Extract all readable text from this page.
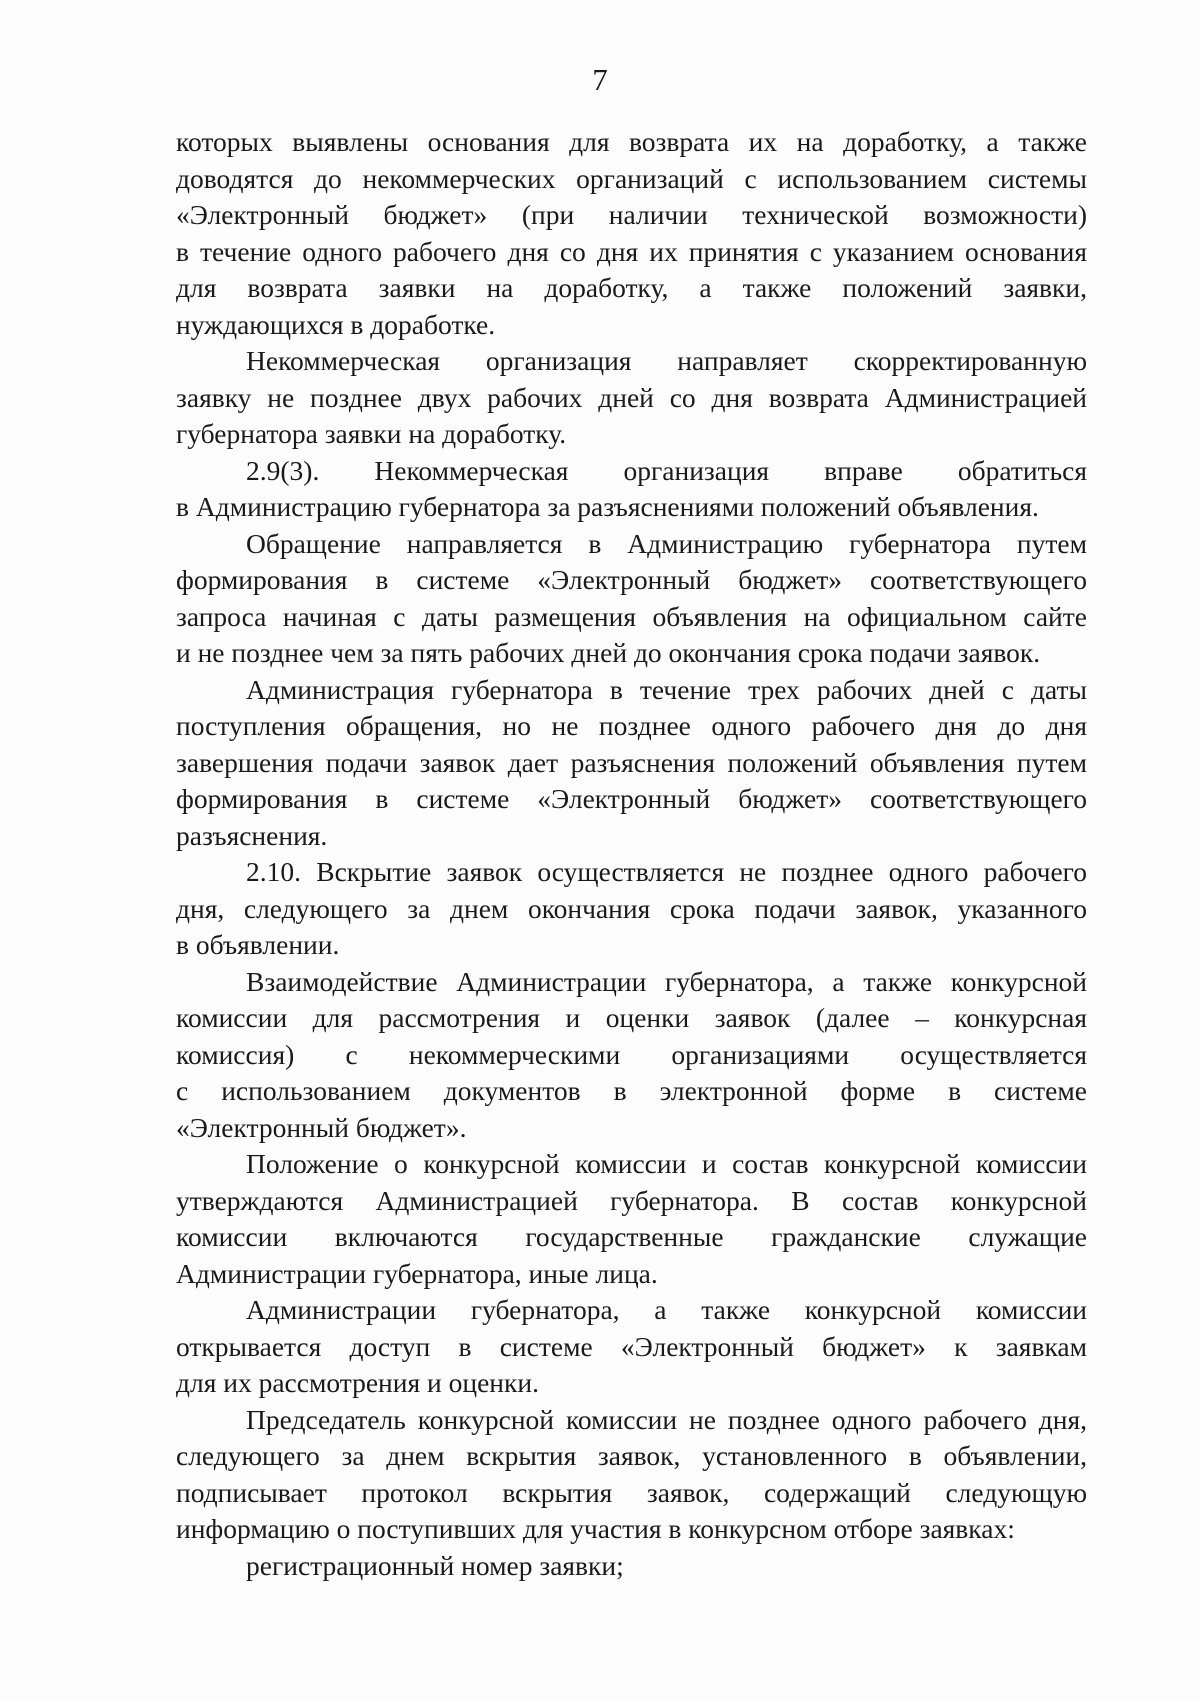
7
которых выявлены основания для возврата их на доработку, а также
доводятся до некоммерческих организаций с использованием системы
«Электронный бюджет» (при наличии технической возможности)
в течение одного рабочего дня со дня их принятия с указанием основания
для возврата заявки на доработку, а также положений заявки,
нуждающихся в доработке.
Некоммерческая организация направляет скорректированную
заявку не позднее двух рабочих дней со дня возврата Администрацией
губернатора заявки на доработку.
2.9(3). Некоммерческая организация вправе обратиться
в Администрацию губернатора за разъяснениями положений объявления.
Обращение направляется в Администрацию губернатора путем
формирования в системе «Электронный бюджет» соответствующего
запроса начиная с даты размещения объявления на официальном сайте
и не позднее чем за пять рабочих дней до окончания срока подачи заявок.
Администрация губернатора в течение трех рабочих дней с даты
поступления обращения, но не позднее одного рабочего дня до дня
завершения подачи заявок дает разъяснения положений объявления путем
формирования в системе «Электронный бюджет» соответствующего
разъяснения.
2.10. Вскрытие заявок осуществляется не позднее одного рабочего
дня, следующего за днем окончания срока подачи заявок, указанного
в объявлении.
Взаимодействие Администрации губернатора, а также конкурсной
комиссии для рассмотрения и оценки заявок (далее – конкурсная
комиссия) с некоммерческими организациями осуществляется
с использованием документов в электронной форме в системе
«Электронный бюджет».
Положение о конкурсной комиссии и состав конкурсной комиссии
утверждаются Администрацией губернатора. В состав конкурсной
комиссии включаются государственные гражданские служащие
Администрации губернатора, иные лица.
Администрации губернатора, а также конкурсной комиссии
открывается доступ в системе «Электронный бюджет» к заявкам
для их рассмотрения и оценки.
Председатель конкурсной комиссии не позднее одного рабочего дня,
следующего за днем вскрытия заявок, установленного в объявлении,
подписывает протокол вскрытия заявок, содержащий следующую
информацию о поступивших для участия в конкурсном отборе заявках:
регистрационный номер заявки;
